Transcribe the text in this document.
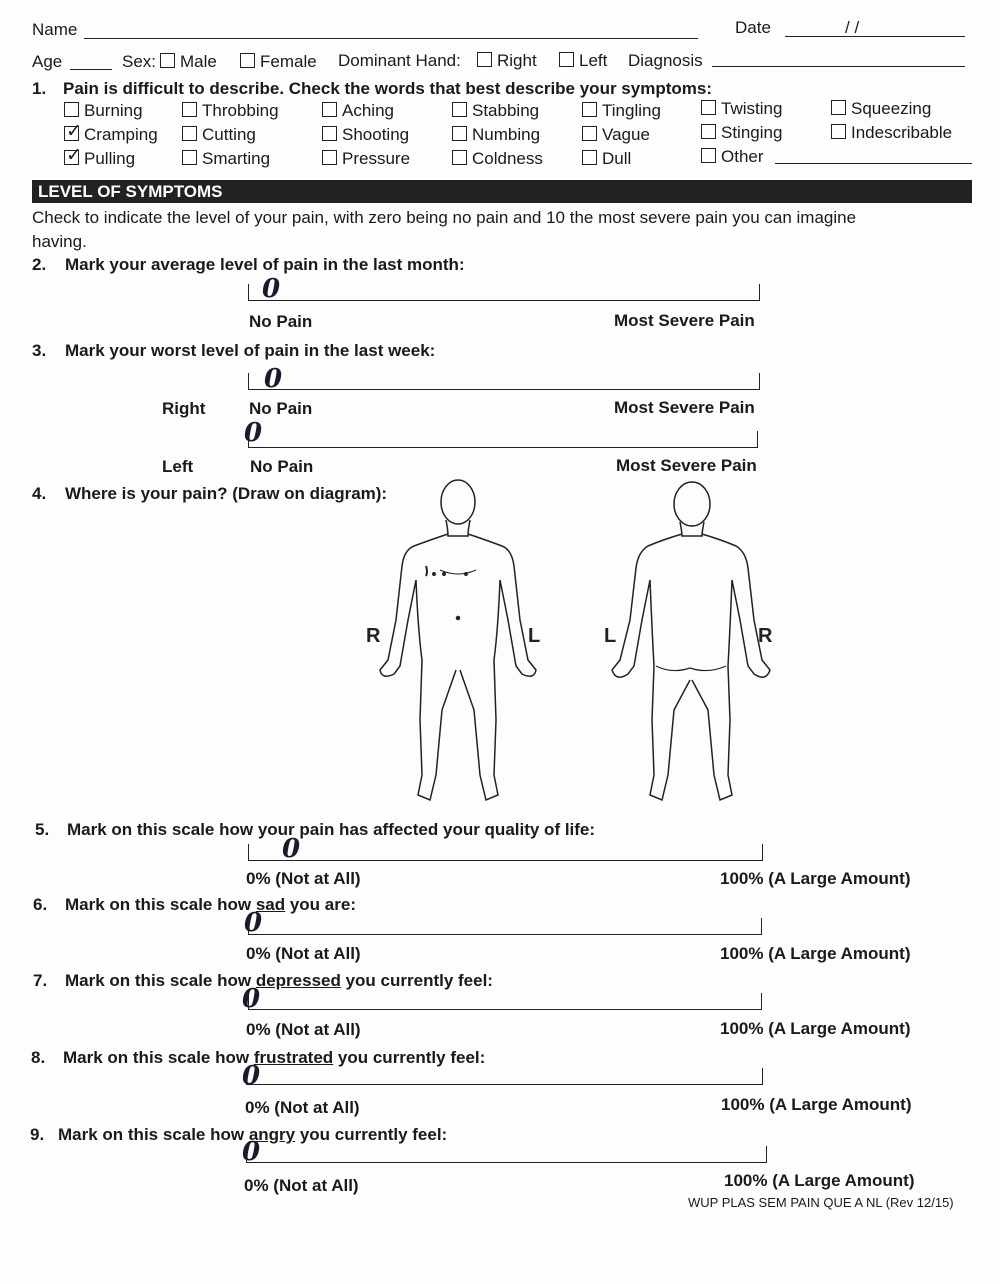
Name	Date	/ /
Age	Sex:	Male	Female Dominant Hand:	Right	Left Diagnosis
1. Pain is difficult to describe. Check the words that best describe your symptoms:
Burning	Throbbing	Aching	Stabbing	Tingling	Twisting	Squeezing
✓ Cramping	Cutting	Shooting	Numbing	Vague	Stinging	Indescribable
✓ Pulling	Smarting	Pressure	Coldness	Dull	Other
LEVEL OF SYMPTOMS
Check to indicate the level of your pain, with zero being no pain and 10 the most severe pain you can imagine
having.
2. Mark your average level of pain in the last month:
0
No Pain	Most Severe Pain
3. Mark your worst level of pain in the last week:
0
Right	No Pain	Most Severe Pain
0
Left	No Pain	Most Severe Pain
4. Where is your pain? (Draw on diagram):
R	L	L	R
5. Mark on this scale how your pain has affected your quality of life:
0
0% (Not at All)	100% (A Large Amount)
6. Mark on this scale how sad you are:
0
0% (Not at All)	100% (A Large Amount)
7. Mark on this scale how depressed you currently feel:
0
0% (Not at All)	100% (A Large Amount)
8. Mark on this scale how frustrated you currently feel:
0
0% (Not at All)	100% (A Large Amount)
9. Mark on this scale how angry you currently feel:
0
0% (Not at All)	100% (A Large Amount)
WUP PLAS SEM PAIN QUE A NL (Rev 12/15)
